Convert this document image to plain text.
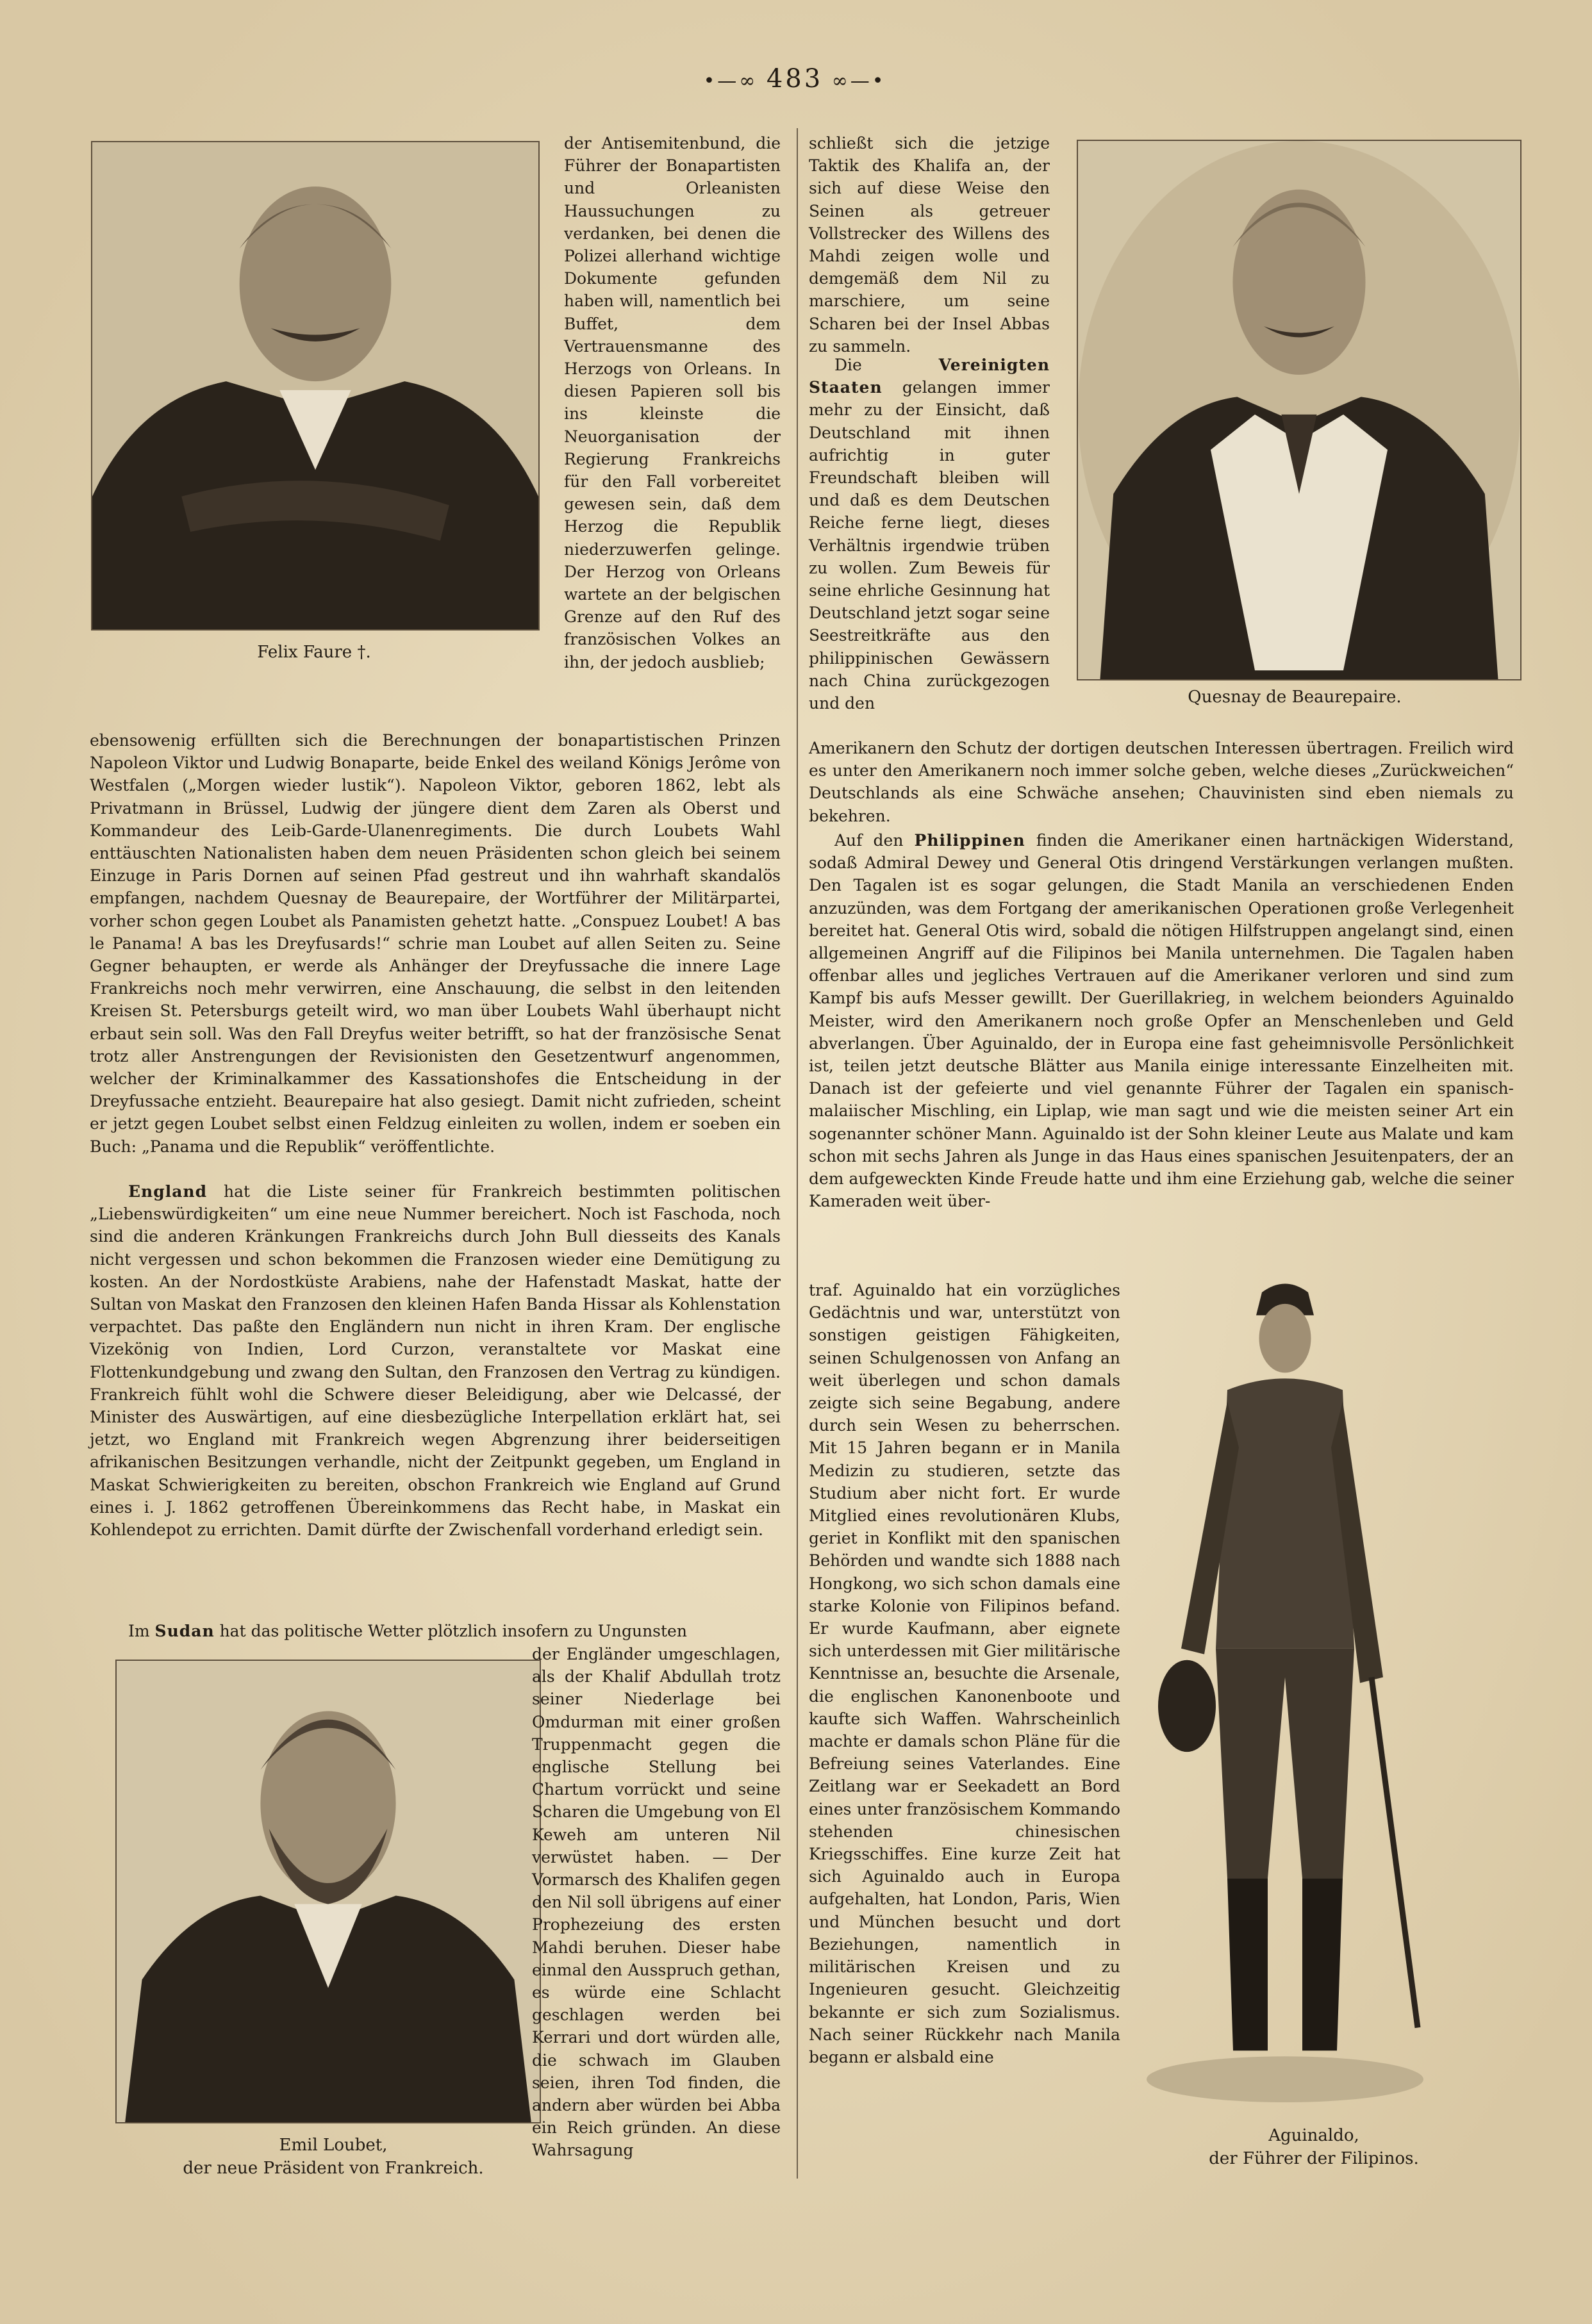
•—∞ 483 ∞—•
Felix Faure †.
Quesnay de Beaurepaire.
Emil Loubet,
der neue Präsident von Frankreich.
Aguinaldo,
der Führer der Filipinos.

der Antisemitenbund, die Führer der Bonapartisten und Orleanisten Haussuchungen zu verdanken, bei denen die Polizei allerhand wichtige Dokumente gefunden haben will, namentlich bei Buffet, dem Vertrauensmanne des Herzogs von Orleans. In diesen Papieren soll bis ins kleinste die Neuorganisation der Regierung Frankreichs für den Fall vorbereitet gewesen sein, daß dem Herzog die Republik niederzuwerfen gelinge. Der Herzog von Orleans wartete an der belgischen Grenze auf den Ruf des französischen Volkes an ihn, der jedoch ausblieb;

ebensowenig erfüllten sich die Berechnungen der bonapartistischen Prinzen Napoleon Viktor und Ludwig Bonaparte, beide Enkel des weiland Königs Jerôme von Westfalen („Morgen wieder lustik“). Napoleon Viktor, geboren 1862, lebt als Privatmann in Brüssel, Ludwig der jüngere dient dem Zaren als Oberst und Kommandeur des Leib-Garde-Ulanenregiments. Die durch Loubets Wahl enttäuschten Nationalisten haben dem neuen Präsidenten schon gleich bei seinem Einzuge in Paris Dornen auf seinen Pfad gestreut und ihn wahrhaft skandalös empfangen, nachdem Quesnay de Beaurepaire, der Wortführer der Militärpartei, vorher schon gegen Loubet als Panamisten gehetzt hatte. „Conspuez Loubet! A bas le Panama! A bas les Dreyfusards!“ schrie man Loubet auf allen Seiten zu. Seine Gegner behaupten, er werde als Anhänger der Dreyfussache die innere Lage Frankreichs noch mehr verwirren, eine Anschauung, die selbst in den leitenden Kreisen St. Petersburgs geteilt wird, wo man über Loubets Wahl überhaupt nicht erbaut sein soll. Was den Fall Dreyfus weiter betrifft, so hat der französische Senat trotz aller Anstrengungen der Revisionisten den Gesetzentwurf angenommen, welcher der Kriminalkammer des Kassationshofes die Entscheidung in der Dreyfussache entzieht. Beaurepaire hat also gesiegt. Damit nicht zufrieden, scheint er jetzt gegen Loubet selbst einen Feldzug einleiten zu wollen, indem er soeben ein Buch: „Panama und die Republik“ veröffentlichte.

England hat die Liste seiner für Frankreich bestimmten politischen „Liebenswürdigkeiten“ um eine neue Nummer bereichert. Noch ist Faschoda, noch sind die anderen Kränkungen Frankreichs durch John Bull diesseits des Kanals nicht vergessen und schon bekommen die Franzosen wieder eine Demütigung zu kosten. An der Nordostküste Arabiens, nahe der Hafenstadt Maskat, hatte der Sultan von Maskat den Franzosen den kleinen Hafen Banda Hissar als Kohlenstation verpachtet. Das paßte den Engländern nun nicht in ihren Kram. Der englische Vizekönig von Indien, Lord Curzon, veranstaltete vor Maskat eine Flottenkundgebung und zwang den Sultan, den Franzosen den Vertrag zu kündigen. Frankreich fühlt wohl die Schwere dieser Beleidigung, aber wie Delcassé, der Minister des Auswärtigen, auf eine diesbezügliche Interpellation erklärt hat, sei jetzt, wo England mit Frankreich wegen Abgrenzung ihrer beiderseitigen afrikanischen Besitzungen verhandle, nicht der Zeitpunkt gegeben, um England in Maskat Schwierigkeiten zu bereiten, obschon Frankreich wie England auf Grund eines i. J. 1862 getroffenen Übereinkommens das Recht habe, in Maskat ein Kohlendepot zu errichten. Damit dürfte der Zwischenfall vorderhand erledigt sein.

Im Sudan hat das politische Wetter plötzlich insofern zu Ungunsten

der Engländer umgeschlagen, als der Khalif Abdullah trotz seiner Niederlage bei Omdurman mit einer großen Truppenmacht gegen die englische Stellung bei Chartum vorrückt und seine Scharen die Umgebung von El Keweh am unteren Nil verwüstet haben. — Der Vormarsch des Khalifen gegen den Nil soll übrigens auf einer Prophezeiung des ersten Mahdi beruhen. Dieser habe einmal den Ausspruch gethan, es würde eine Schlacht geschlagen werden bei Kerrari und dort würden alle, die schwach im Glauben seien, ihren Tod finden, die andern aber würden bei Abba ein Reich gründen. An diese Wahrsagung

schließt sich die jetzige Taktik des Khalifa an, der sich auf diese Weise den Seinen als getreuer Vollstrecker des Willens des Mahdi zeigen wolle und demgemäß dem Nil zu marschiere, um seine Scharen bei der Insel Abbas zu sammeln.

Die Vereinigten Staaten gelangen immer mehr zu der Einsicht, daß Deutschland mit ihnen aufrichtig in guter Freundschaft bleiben will und daß es dem Deutschen Reiche ferne liegt, dieses Verhältnis irgendwie trüben zu wollen. Zum Beweis für seine ehrliche Gesinnung hat Deutschland jetzt sogar seine Seestreitkräfte aus den philippinischen Gewässern nach China zurückgezogen und den

Amerikanern den Schutz der dortigen deutschen Interessen übertragen. Freilich wird es unter den Amerikanern noch immer solche geben, welche dieses „Zurückweichen“ Deutschlands als eine Schwäche ansehen; Chauvinisten sind eben niemals zu bekehren.

Auf den Philippinen finden die Amerikaner einen hartnäckigen Widerstand, sodaß Admiral Dewey und General Otis dringend Verstärkungen verlangen mußten. Den Tagalen ist es sogar gelungen, die Stadt Manila an verschiedenen Enden anzuzünden, was dem Fortgang der amerikanischen Operationen große Verlegenheit bereitet hat. General Otis wird, sobald die nötigen Hilfstruppen angelangt sind, einen allgemeinen Angriff auf die Filipinos bei Manila unternehmen. Die Tagalen haben offenbar alles und jegliches Vertrauen auf die Amerikaner verloren und sind zum Kampf bis aufs Messer gewillt. Der Guerillakrieg, in welchem beionders Aguinaldo Meister, wird den Amerikanern noch große Opfer an Menschenleben und Geld abverlangen. Über Aguinaldo, der in Europa eine fast geheimnisvolle Persönlichkeit ist, teilen jetzt deutsche Blätter aus Manila einige interessante Einzelheiten mit. Danach ist der gefeierte und viel genannte Führer der Tagalen ein spanisch-malaiischer Mischling, ein Liplap, wie man sagt und wie die meisten seiner Art ein sogenannter schöner Mann. Aguinaldo ist der Sohn kleiner Leute aus Malate und kam schon mit sechs Jahren als Junge in das Haus eines spanischen Jesuitenpaters, der an dem aufgeweckten Kinde Freude hatte und ihm eine Erziehung gab, welche die seiner Kameraden weit über-

traf. Aguinaldo hat ein vorzügliches Gedächtnis und war, unterstützt von sonstigen geistigen Fähigkeiten, seinen Schulgenossen von Anfang an weit überlegen und schon damals zeigte sich seine Begabung, andere durch sein Wesen zu beherrschen. Mit 15 Jahren begann er in Manila Medizin zu studieren, setzte das Studium aber nicht fort. Er wurde Mitglied eines revolutionären Klubs, geriet in Konflikt mit den spanischen Behörden und wandte sich 1888 nach Hongkong, wo sich schon damals eine starke Kolonie von Filipinos befand. Er wurde Kaufmann, aber eignete sich unterdessen mit Gier militärische Kenntnisse an, besuchte die Arsenale, die englischen Kanonenboote und kaufte sich Waffen. Wahrscheinlich machte er damals schon Pläne für die Befreiung seines Vaterlandes. Eine Zeitlang war er Seekadett an Bord eines unter französischem Kommando stehenden chinesischen Kriegsschiffes. Eine kurze Zeit hat sich Aguinaldo auch in Europa aufgehalten, hat London, Paris, Wien und München besucht und dort Beziehungen, namentlich in militärischen Kreisen und zu Ingenieuren gesucht. Gleichzeitig bekannte er sich zum Sozialismus. Nach seiner Rückkehr nach Manila begann er alsbald eine
